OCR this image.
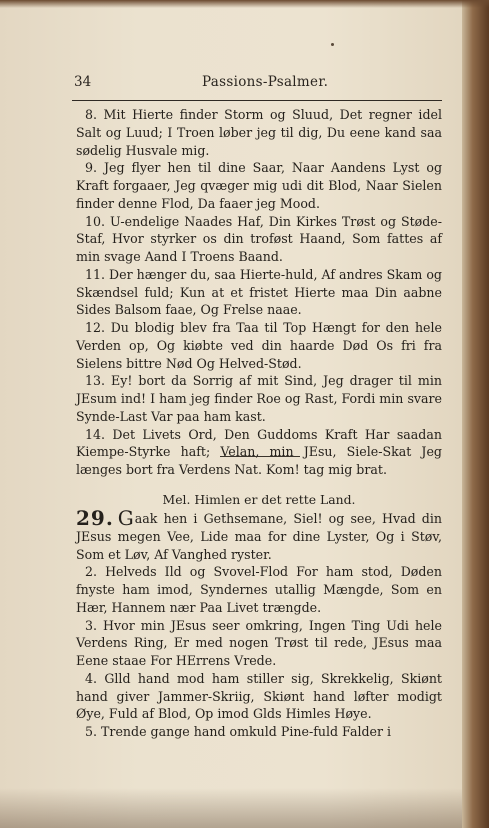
34	Passions-Psalmer.

8. Mit Hierte finder Storm og Sluud, Det regner idel Salt og Luud; I Troen løber jeg til dig, Du eene kand saa sødelig Husvale mig.

9. Jeg flyer hen til dine Saar, Naar Aandens Lyst og Kraft forgaaer, Jeg qvæger mig udi dit Blod, Naar Sielen finder denne Flod, Da faaer jeg Mood.

10. U-endelige Naades Haf, Din Kirkes Trøst og Støde-Staf, Hvor styrker os din troføst Haand, Som fattes af min svage Aand I Troens Baand.

11. Der hænger du, saa Hierte-huld, Af andres Skam og Skændsel fuld; Kun at et fristet Hierte maa Din aabne Sides Balsom faae, Og Frelse naae.

12. Du blodig blev fra Taa til Top Hængt for den hele Verden op, Og kiøbte ved din haarde Død Os fri fra Sielens bittre Nød Og Helved-Stød.

13. Ey! bort da Sorrig af mit Sind, Jeg drager til min JEsum ind! I ham jeg finder Roe og Rast, Fordi min svare Synde-Last Var paa ham kast.

14. Det Livets Ord, Den Guddoms Kraft Har saadan Kiempe-Styrke haft; Velan, min JEsu, Siele-Skat Jeg længes bort fra Verdens Nat. Kom! tag mig brat.

Mel. Himlen er det rette Land.

29. Gaak hen i Gethsemane, Siel! og see, Hvad din JEsus megen Vee, Lide maa for dine Lyster, Og i Støv, Som et Løv, Af Vanghed ryster.

2. Helveds Ild og Svovel-Flod For ham stod, Døden fnyste ham imod, Syndernes utallig Mængde, Som en Hær, Hannem nær Paa Livet trængde.

3. Hvor min JEsus seer omkring, Ingen Ting Udi hele Verdens Ring, Er med nogen Trøst til rede, JEsus maa Eene staae For HErrens Vrede.

4. Glld hand mod ham stiller sig, Skrekkelig, Skiønt hand giver Jammer-Skriig, Skiønt hand løfter modigt Øye, Fuld af Blod, Op imod Glds Himles Høye.

5. Trende gange hand omkuld Pine-fuld Falder i
